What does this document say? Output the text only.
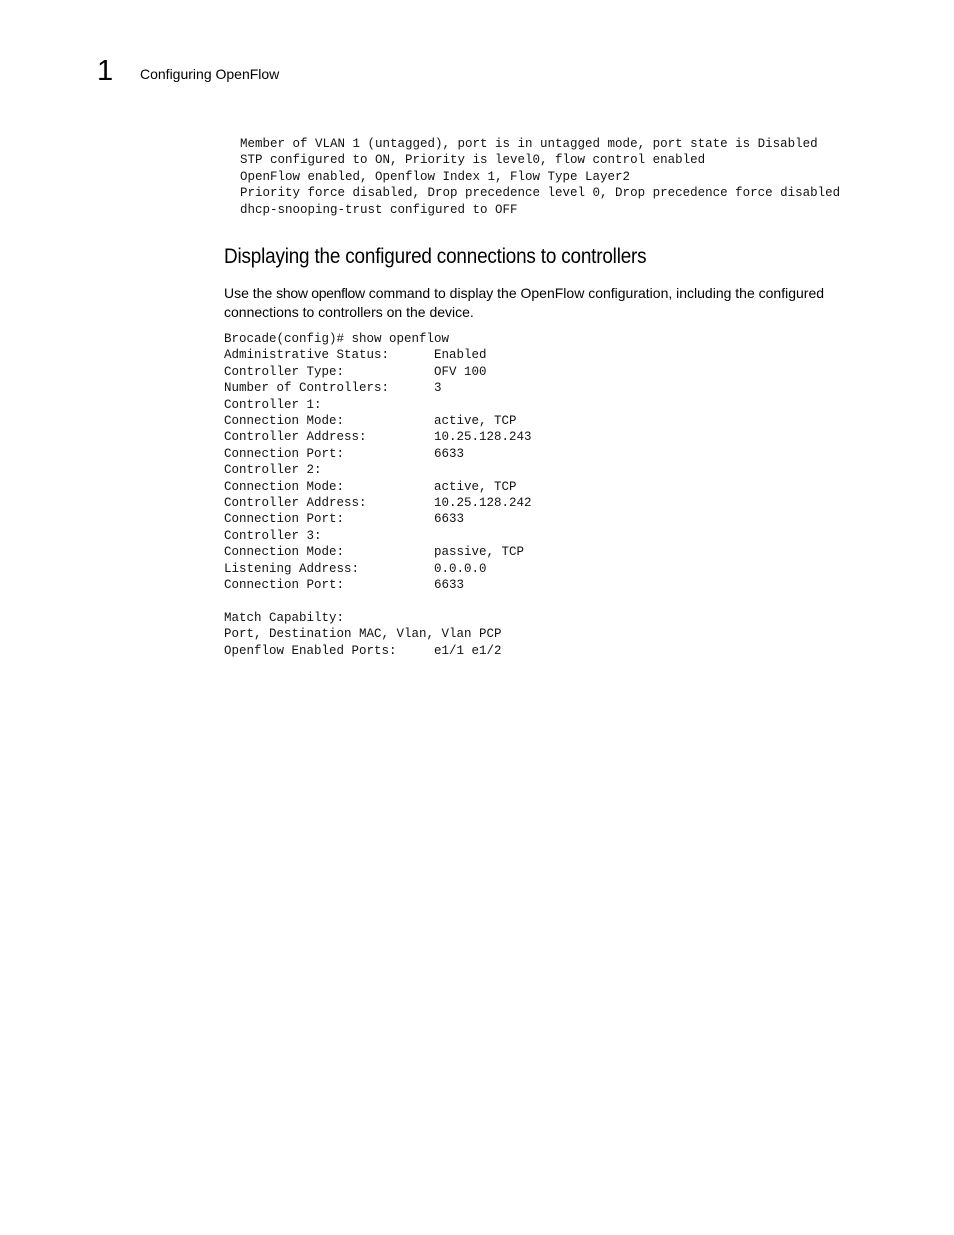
1 Configuring OpenFlow
Member of VLAN 1 (untagged), port is in untagged mode, port state is Disabled
STP configured to ON, Priority is level0, flow control enabled
OpenFlow enabled, Openflow Index 1, Flow Type Layer2
Priority force disabled, Drop precedence level 0, Drop precedence force disabled
dhcp-snooping-trust configured to OFF
Displaying the configured connections to controllers

Use the show openflow command to display the OpenFlow configuration, including the configured connections to controllers on the device.

Brocade(config)# show openflow
Administrative Status:      Enabled
Controller Type:            OFV 100
Number of Controllers:      3
Controller 1:
Connection Mode:            active, TCP
Controller Address:         10.25.128.243
Connection Port:            6633
Controller 2:
Connection Mode:            active, TCP
Controller Address:         10.25.128.242
Connection Port:            6633
Controller 3:
Connection Mode:            passive, TCP
Listening Address:          0.0.0.0
Connection Port:            6633

Match Capabilty:
Port, Destination MAC, Vlan, Vlan PCP
Openflow Enabled Ports:     e1/1 e1/2
